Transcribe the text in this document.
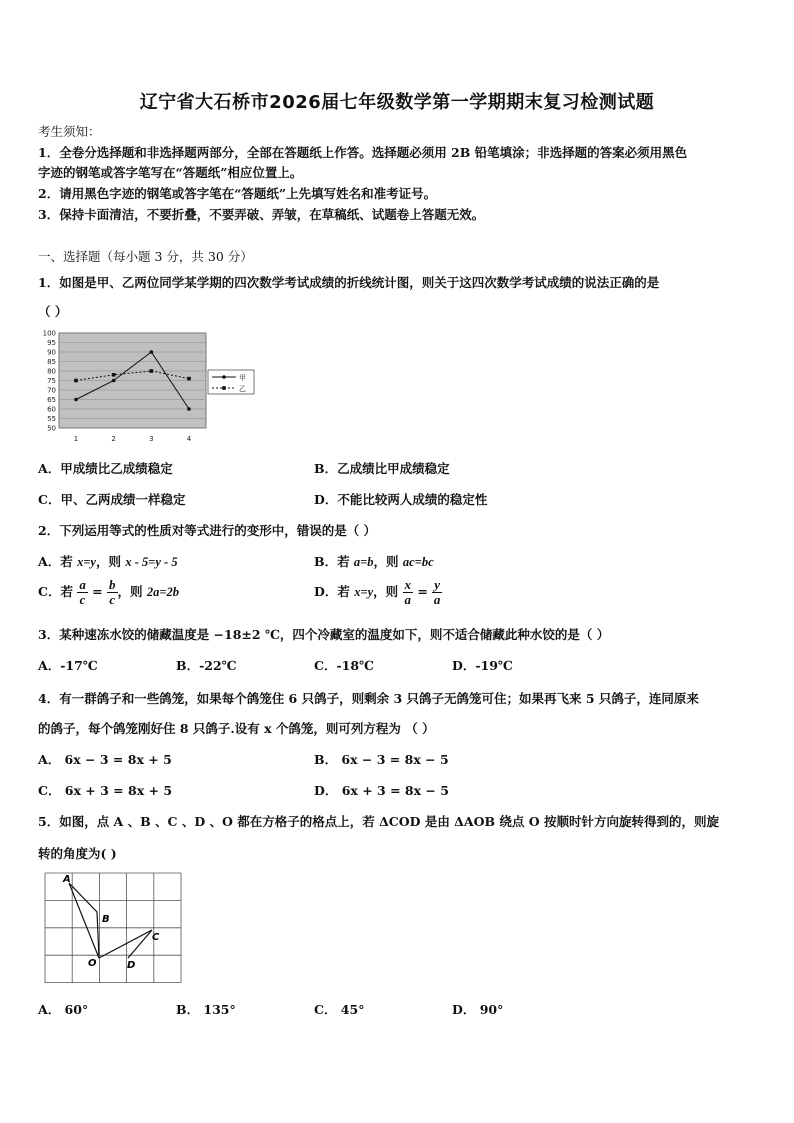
辽宁省大石桥市2026届七年级数学第一学期期末复习检测试题
考生须知：
1．全卷分选择题和非选择题两部分，全部在答题纸上作答。选择题必须用 2B 铅笔填涂；非选择题的答案必须用黑色
字迹的钢笔或答字笔写在“答题纸”相应位置上。
2．请用黑色字迹的钢笔或答字笔在“答题纸”上先填写姓名和准考证号。
3．保持卡面清洁，不要折叠，不要弄破、弄皱，在草稿纸、试题卷上答题无效。
一、选择题（每小题 3 分，共 30 分）
1．如图是甲、乙两位同学某学期的四次数学考试成绩的折线统计图，则关于这四次数学考试成绩的说法正确的是
（ ）
100
95
90
85
80
75
70
65
60
55
50
1	2	3	4
甲
乙
A．甲成绩比乙成绩稳定	B．乙成绩比甲成绩稳定
C．甲、乙两成绩一样稳定	D．不能比较两人成绩的稳定性
2．下列运用等式的性质对等式进行的变形中，错误的是（ ）
A．若 x=y，则 x - 5=y - 5	B．若 a=b，则 ac=bc
C．若 $\frac{a}{c} = \frac{b}{c}$ ，则 2a=2b	D．若 x=y，则 $\frac{x}{a} = \frac{y}{a}$
3．某种速冻水饺的储藏温度是 −18±2 ℃，四个冷藏室的温度如下，则不适合储藏此种水饺的是（ ）
A．-17℃	B．-22℃	C．-18℃	D．-19℃
4．有一群鸽子和一些鸽笼，如果每个鸽笼住 6 只鸽子，则剩余 3 只鸽子无鸽笼可住；如果再飞来 5 只鸽子，连同原来
的鸽子，每个鸽笼刚好住 8 只鸽子.设有 x 个鸽笼，则可列方程为 （ ）
A． 6x − 3 = 8x + 5	B． 6x − 3 = 8x − 5
C． 6x + 3 = 8x + 5	D． 6x + 3 = 8x − 5
5．如图，点 A 、B 、C 、D 、O 都在方格子的格点上，若 ΔCOD 是由 ΔAOB 绕点 O 按顺时针方向旋转得到的，则旋
转的角度为( )
A
B
C
O	D
A． 60°	B． 135°	C． 45°	D． 90°
